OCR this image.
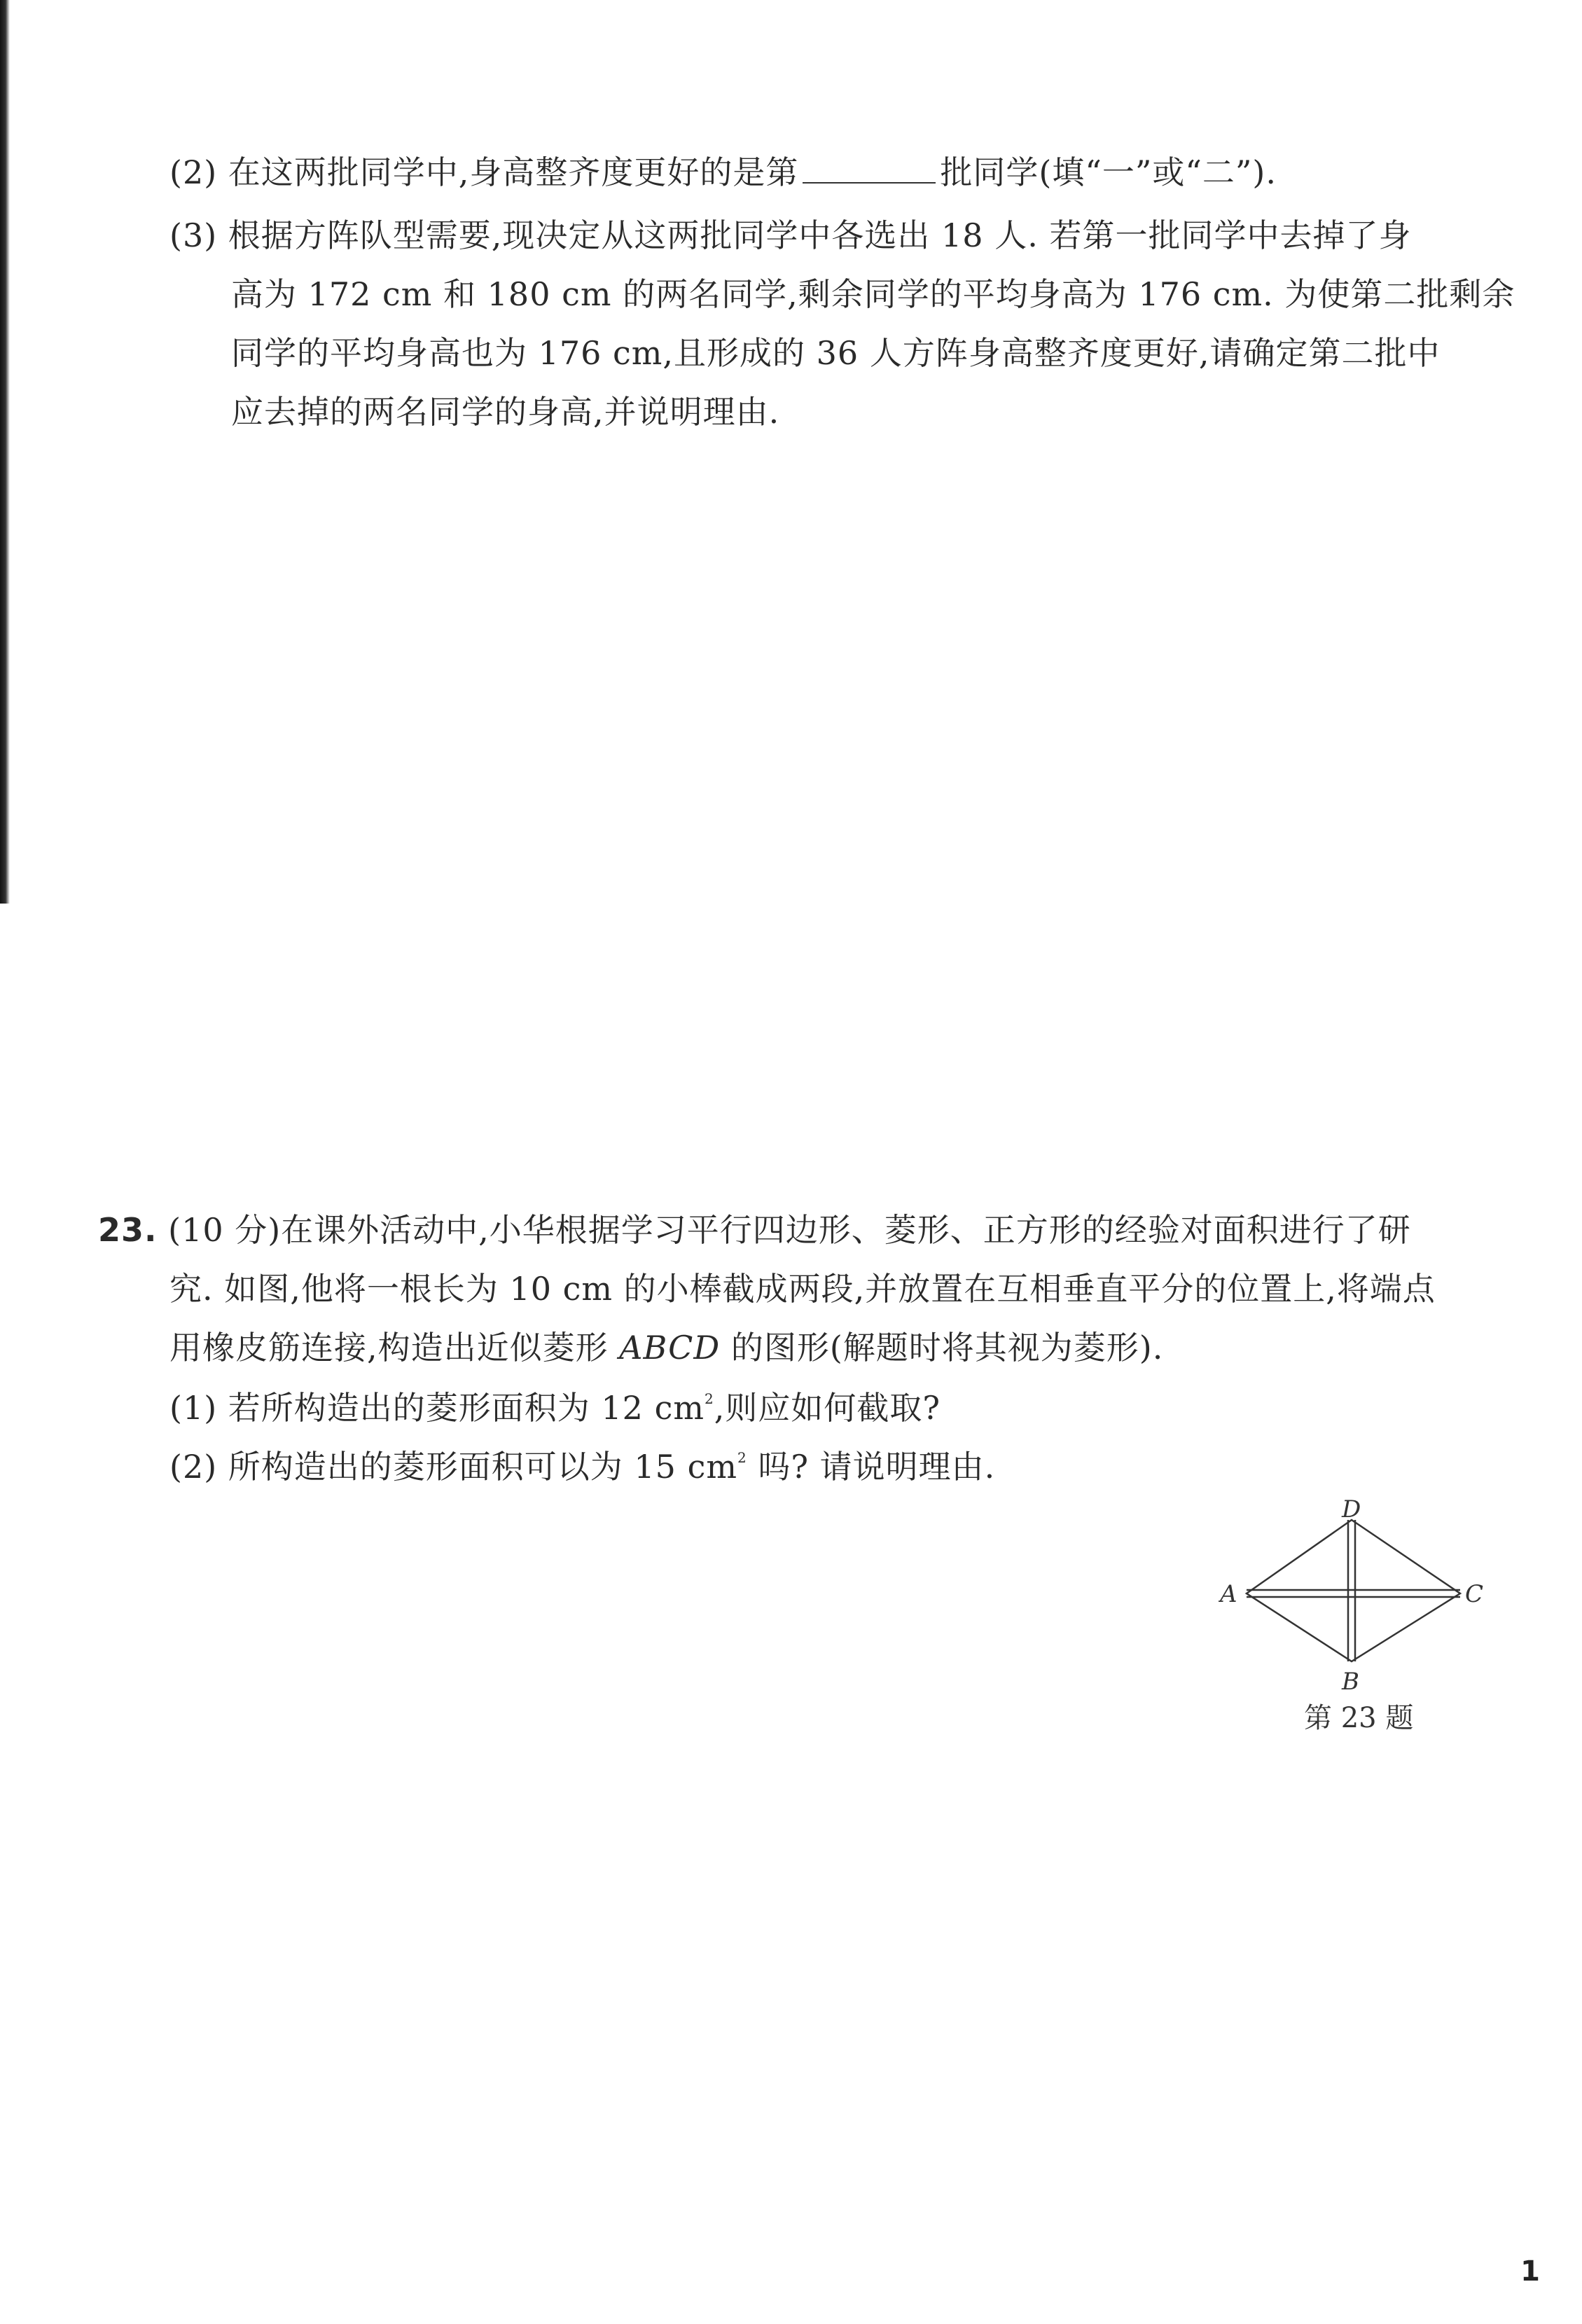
(2) 在这两批同学中,身高整齐度更好的是第	批同学(填“一”或“二”).
(3) 根据方阵队型需要,现决定从这两批同学中各选出 18 人. 若第一批同学中去掉了身
高为 172 cm 和 180 cm 的两名同学,剩余同学的平均身高为 176 cm. 为使第二批剩余
同学的平均身高也为 176 cm,且形成的 36 人方阵身高整齐度更好,请确定第二批中
应去掉的两名同学的身高,并说明理由.
23. (10 分)在课外活动中,小华根据学习平行四边形、菱形、正方形的经验对面积进行了研
究. 如图,他将一根长为 10 cm 的小棒截成两段,并放置在互相垂直平分的位置上,将端点
用橡皮筋连接,构造出近似菱形 ABCD 的图形(解题时将其视为菱形).
(1) 若所构造出的菱形面积为 12 $cm^2$,则应如何截取?
(2) 所构造出的菱形面积可以为 15 $cm^2$ 吗? 请说明理由.
A
B
C
D
第 23 题
1
